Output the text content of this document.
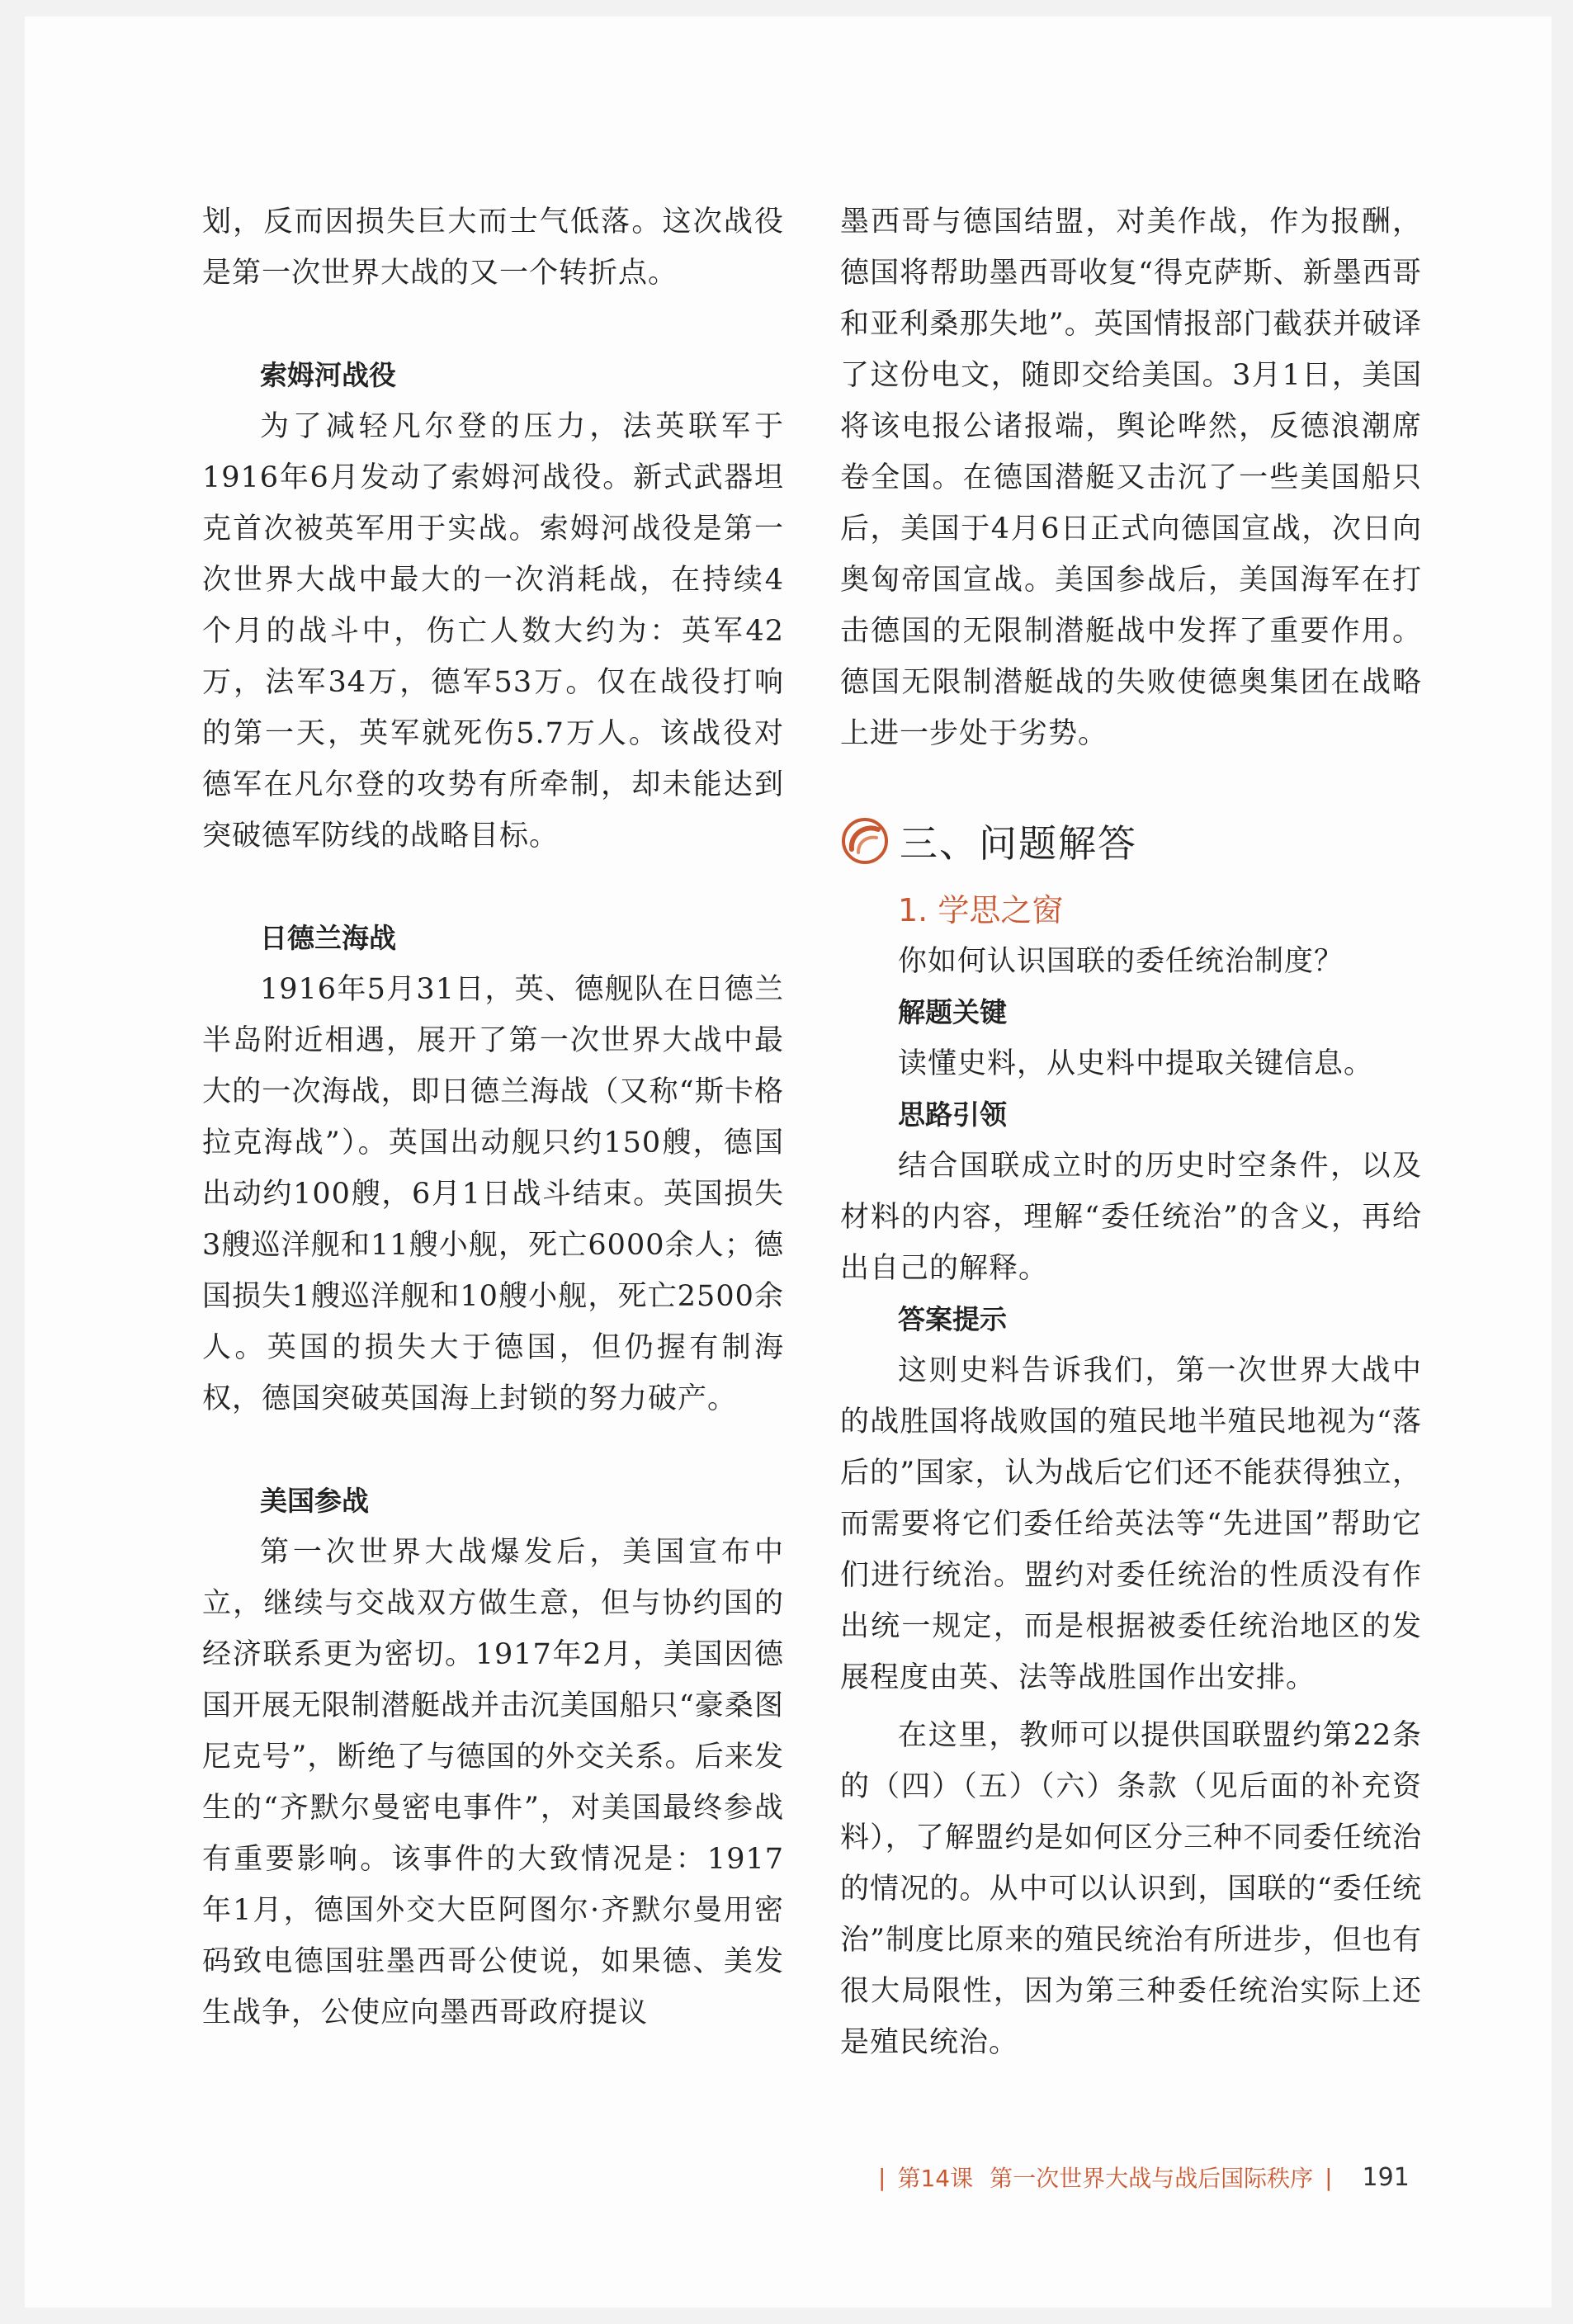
划，反而因损失巨大而士气低落。这次战役是第一次世界大战的又一个转折点。

索姆河战役

为了减轻凡尔登的压力，法英联军于1916年6月发动了索姆河战役。新式武器坦克首次被英军用于实战。索姆河战役是第一次世界大战中最大的一次消耗战，在持续4个月的战斗中，伤亡人数大约为：英军42万，法军34万，德军53万。仅在战役打响的第一天，英军就死伤5.7万人。该战役对德军在凡尔登的攻势有所牵制，却未能达到突破德军防线的战略目标。

日德兰海战

1916年5月31日，英、德舰队在日德兰半岛附近相遇，展开了第一次世界大战中最大的一次海战，即日德兰海战（又称“斯卡格拉克海战”）。英国出动舰只约150艘，德国出动约100艘，6月1日战斗结束。英国损失3艘巡洋舰和11艘小舰，死亡6000余人；德国损失1艘巡洋舰和10艘小舰，死亡2500余人。英国的损失大于德国，但仍握有制海权，德国突破英国海上封锁的努力破产。

美国参战

第一次世界大战爆发后，美国宣布中立，继续与交战双方做生意，但与协约国的经济联系更为密切。1917年2月，美国因德国开展无限制潜艇战并击沉美国船只“豪桑图尼克号”，断绝了与德国的外交关系。后来发生的“齐默尔曼密电事件”，对美国最终参战有重要影响。该事件的大致情况是：1917年1月，德国外交大臣阿图尔·齐默尔曼用密码致电德国驻墨西哥公使说，如果德、美发生战争，公使应向墨西哥政府提议

墨西哥与德国结盟，对美作战，作为报酬，德国将帮助墨西哥收复“得克萨斯、新墨西哥和亚利桑那失地”。英国情报部门截获并破译了这份电文，随即交给美国。3月1日，美国将该电报公诸报端，舆论哗然，反德浪潮席卷全国。在德国潜艇又击沉了一些美国船只后，美国于4月6日正式向德国宣战，次日向奥匈帝国宣战。美国参战后，美国海军在打击德国的无限制潜艇战中发挥了重要作用。德国无限制潜艇战的失败使德奥集团在战略上进一步处于劣势。

三、问题解答
1. 学思之窗

你如何认识国联的委任统治制度？

解题关键

读懂史料，从史料中提取关键信息。

思路引领

结合国联成立时的历史时空条件，以及材料的内容，理解“委任统治”的含义，再给出自己的解释。

答案提示

这则史料告诉我们，第一次世界大战中的战胜国将战败国的殖民地半殖民地视为“落后的”国家，认为战后它们还不能获得独立，而需要将它们委任给英法等“先进国”帮助它们进行统治。盟约对委任统治的性质没有作出统一规定，而是根据被委任统治地区的发展程度由英、法等战胜国作出安排。

在这里，教师可以提供国联盟约第22条的（四）（五）（六）条款（见后面的补充资料），了解盟约是如何区分三种不同委任统治的情况的。从中可以认识到，国联的“委任统治”制度比原来的殖民统治有所进步，但也有很大局限性，因为第三种委任统治实际上还是殖民统治。

| 第14课 第一次世界大战与战后国际秩序 | 191
